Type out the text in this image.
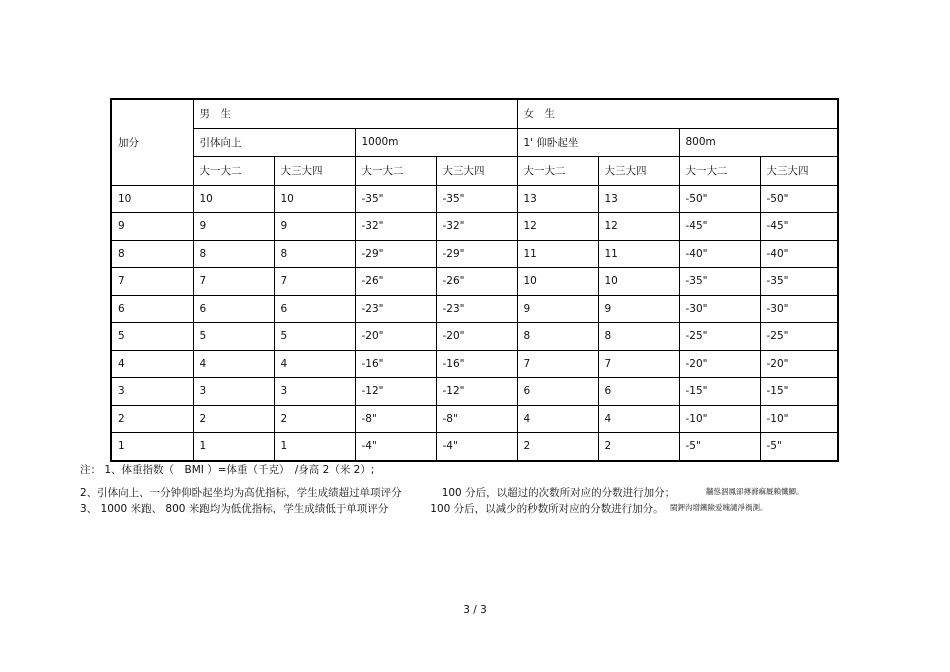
加分	男　生				女　生			
	引体向上		1000m		1' 仰卧起坐		800m	
	大一大二	大三大四	大一大二	大三大四	大一大二	大三大四	大一大二	大三大四
10	10	10	-35"	-35"	13	13	-50"	-50"
9	9	9	-32"	-32"	12	12	-45"	-45"
8	8	8	-29"	-29"	11	11	-40"	-40"
7	7	7	-26"	-26"	10	10	-35"	-35"
6	6	6	-23"	-23"	9	9	-30"	-30"
5	5	5	-20"	-20"	8	8	-25"	-25"
4	4	4	-16"	-16"	7	7	-20"	-20"
3	3	3	-12"	-12"	6	6	-15"	-15"
2	2	2	-8"	-8"	4	4	-10"	-10"
1	1	1	-4"	-4"	2	2	-5"	-5"
注： 1、体重指数（　BMI ）=体重（千克）　/身高 2（米 2）;
2、引体向上、一分钟仰卧起坐均为高优指标，学生成绩超过单项评分	100 分后，以超过的次数所对应的分数进行加分；	黼慫涸鳳卻摶滌痲厩賴懺鯽。
3、 1000 米跑、 800 米跑均为低优指标，学生成绩低于单项评分	100 分后，以减少的秒数所对应的分数进行加分。 閩鉀沟增鐵險爱魄譴淨禍測。
3 / 3
